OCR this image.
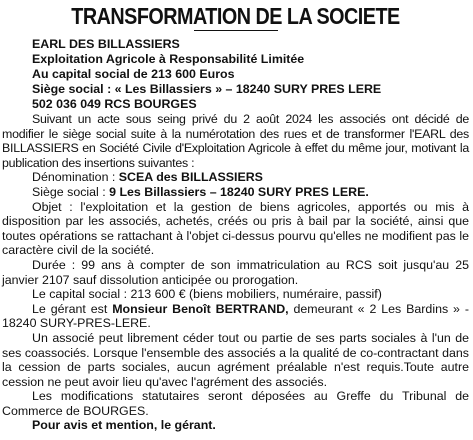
TRANSFORMATION DE LA SOCIETE
EARL DES BILLASSIERS
Exploitation Agricole à Responsabilité Limitée
Au capital social de 213 600 Euros
Siège social : « Les Billassiers » – 18240 SURY PRES LERE
502 036 049 RCS BOURGES

Suivant un acte sous seing privé du 2 août 2024 les associés ont décidé de modifier le siège social suite à la numérotation des rues et de transformer l'EARL des BILLASSIERS en Société Civile d'Exploitation Agricole à effet du même jour, motivant la publication des insertions suivantes :

Dénomination : SCEA des BILLASSIERS
Siège social : 9 Les Billassiers – 18240 SURY PRES LERE.

Objet : l'exploitation et la gestion de biens agricoles, apportés ou mis à disposition par les associés, achetés, créés ou pris à bail par la société, ainsi que toutes opérations se rattachant à l'objet ci-dessus pourvu qu'elles ne modifient pas le caractère civil de la société.

Durée : 99 ans à compter de son immatriculation au RCS soit jusqu'au 25 janvier 2107 sauf dissolution anticipée ou prorogation.

Le capital social : 213 600 € (biens mobiliers, numéraire, passif)

Le gérant est Monsieur Benoît BERTRAND, demeurant « 2 Les Bardins » - 18240 SURY-PRES-LERE.

Un associé peut librement céder tout ou partie de ses parts sociales à l'un de ses coassociés. Lorsque l'ensemble des associés a la qualité de co-contractant dans la cession de parts sociales, aucun agrément préalable n'est requis.Toute autre cession ne peut avoir lieu qu'avec l'agrément des associés.

Les modifications statutaires seront déposées au Greffe du Tribunal de Commerce de BOURGES.

Pour avis et mention, le gérant.
